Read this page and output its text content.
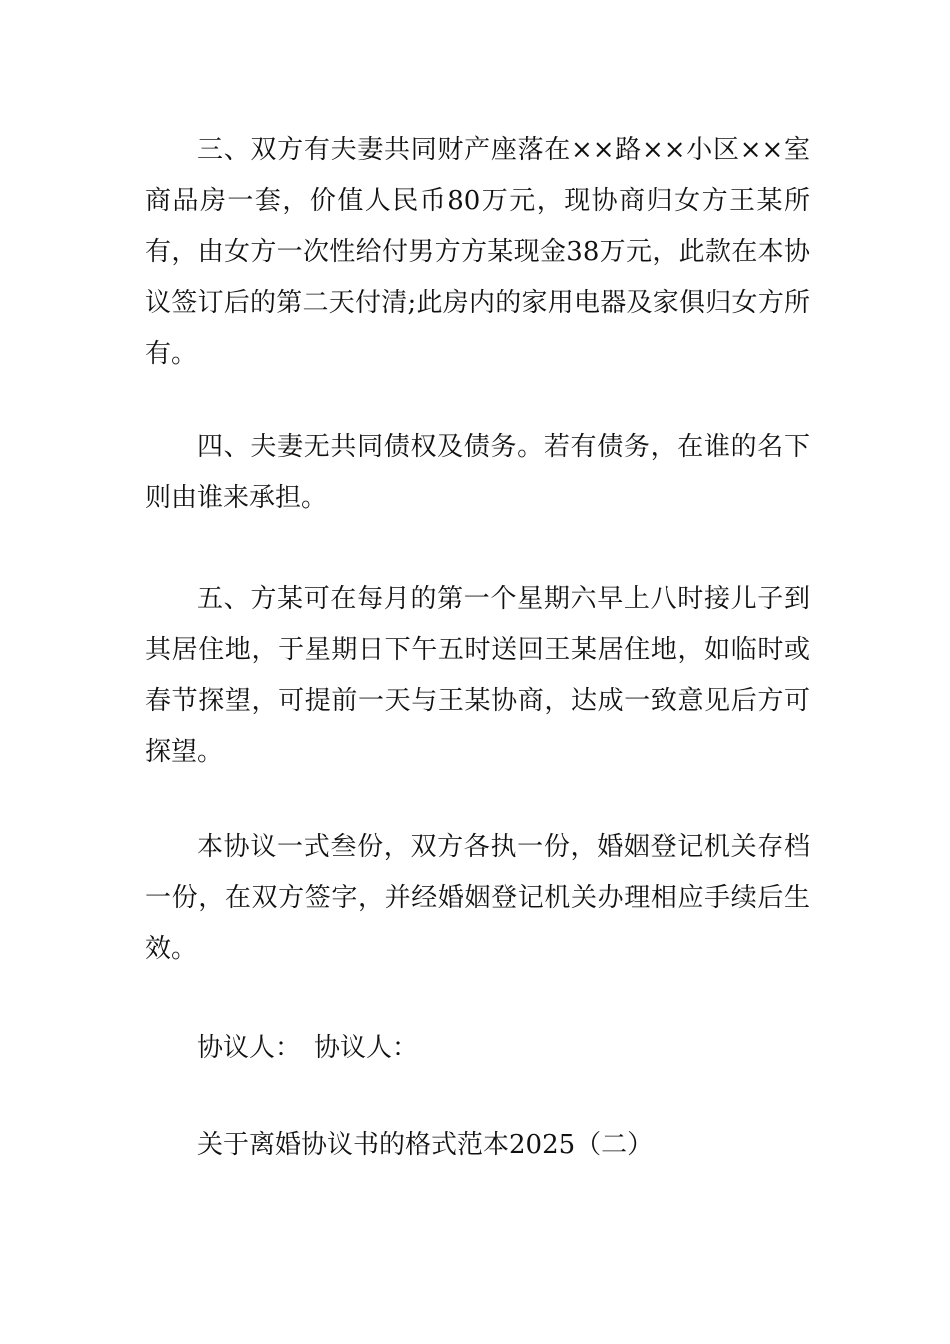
三、双方有夫妻共同财产座落在××路××小区××室商品房一套，价值人民币80万元，现协商归女方王某所有，由女方一次性给付男方方某现金38万元，此款在本协议签订后的第二天付清;此房内的家用电器及家俱归女方所有。

四、夫妻无共同债权及债务。若有债务，在谁的名下则由谁来承担。

五、方某可在每月的第一个星期六早上八时接儿子到其居住地，于星期日下午五时送回王某居住地，如临时或春节探望，可提前一天与王某协商，达成一致意见后方可探望。

本协议一式叁份，双方各执一份，婚姻登记机关存档一份，在双方签字，并经婚姻登记机关办理相应手续后生效。

协议人：　协议人：

关于离婚协议书的格式范本2025（二）
